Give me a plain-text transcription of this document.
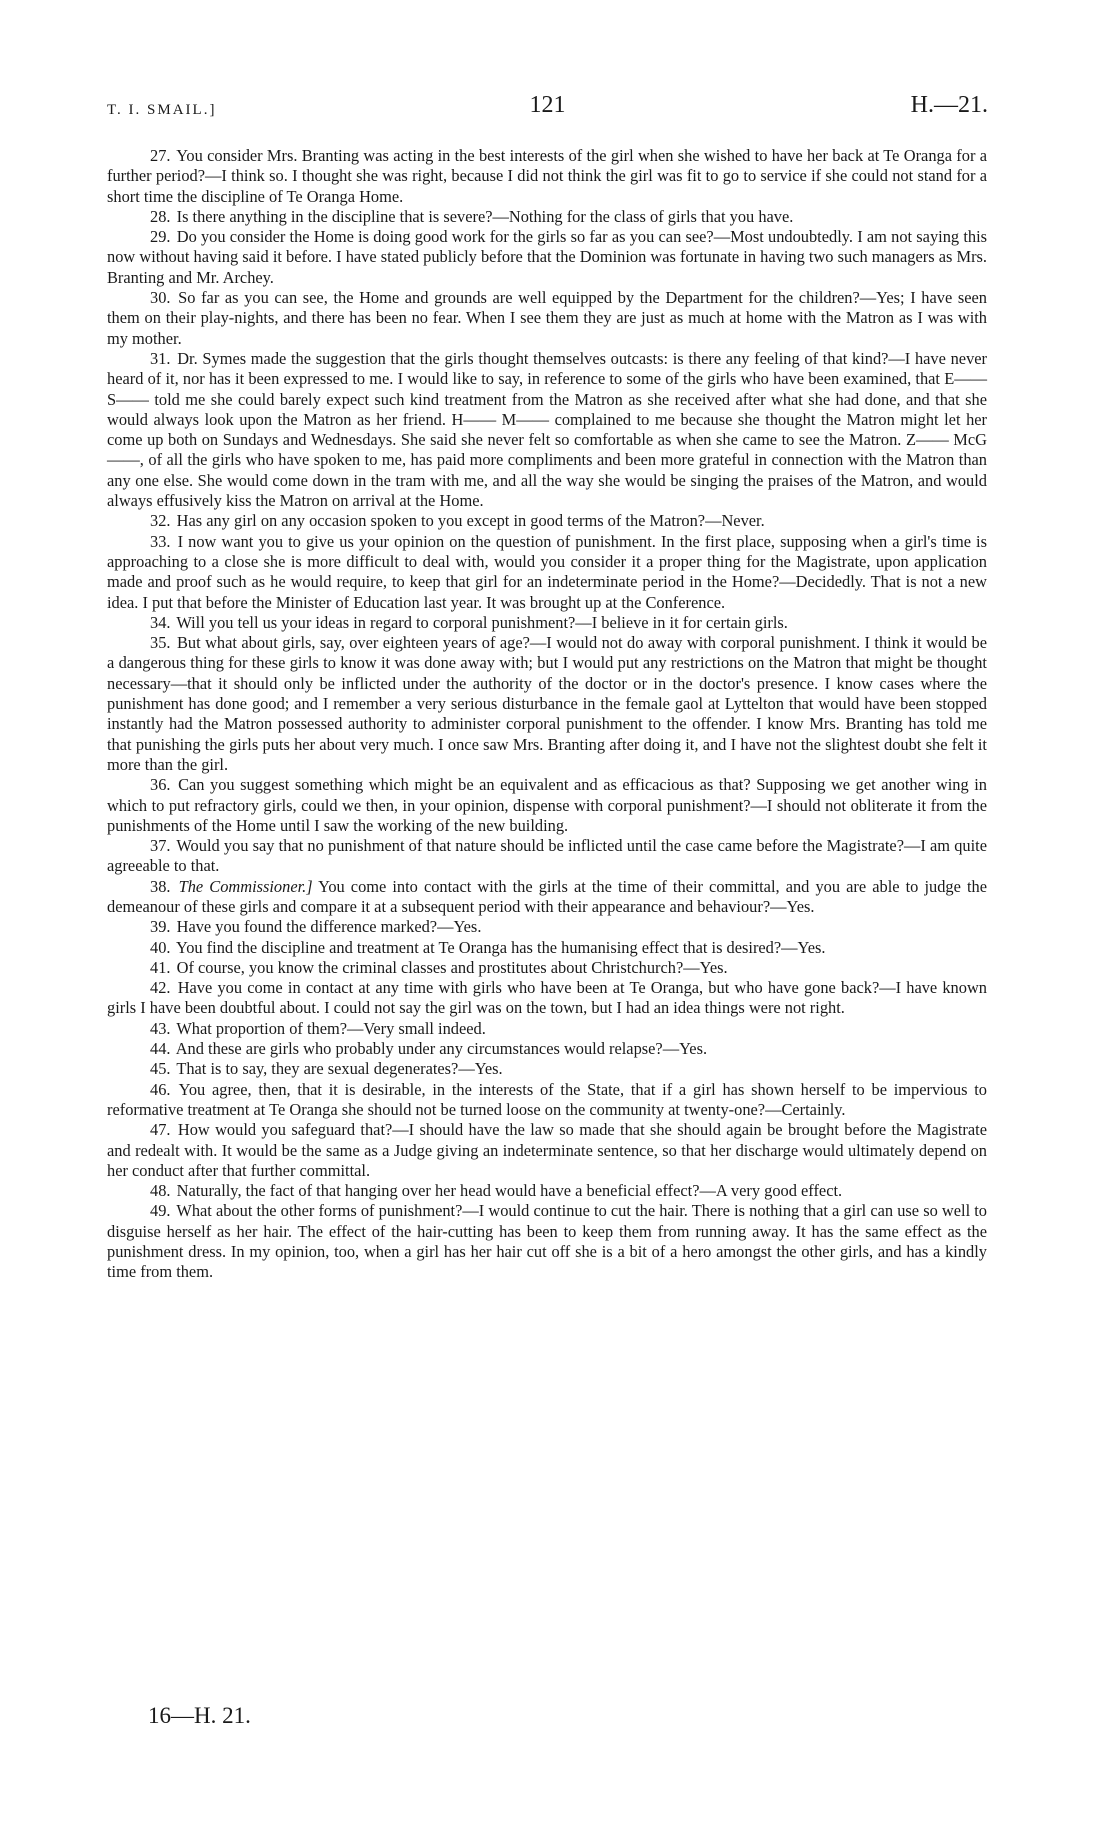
T. I. SMAIL.]	121	H.—21.

27. You consider Mrs. Branting was acting in the best interests of the girl when she wished to have her back at Te Oranga for a further period?—I think so. I thought she was right, because I did not think the girl was fit to go to service if she could not stand for a short time the discipline of Te Oranga Home.

28. Is there anything in the discipline that is severe?—Nothing for the class of girls that you have.

29. Do you consider the Home is doing good work for the girls so far as you can see?—Most undoubtedly. I am not saying this now without having said it before. I have stated publicly before that the Dominion was fortunate in having two such managers as Mrs. Branting and Mr. Archey.

30. So far as you can see, the Home and grounds are well equipped by the Department for the children?—Yes; I have seen them on their play-nights, and there has been no fear. When I see them they are just as much at home with the Matron as I was with my mother.

31. Dr. Symes made the suggestion that the girls thought themselves outcasts: is there any feeling of that kind?—I have never heard of it, nor has it been expressed to me. I would like to say, in reference to some of the girls who have been examined, that E—— S—— told me she could barely expect such kind treatment from the Matron as she received after what she had done, and that she would always look upon the Matron as her friend. H—— M—— complained to me because she thought the Matron might let her come up both on Sundays and Wednesdays. She said she never felt so comfortable as when she came to see the Matron. Z—— McG——, of all the girls who have spoken to me, has paid more compliments and been more grateful in connection with the Matron than any one else. She would come down in the tram with me, and all the way she would be singing the praises of the Matron, and would always effusively kiss the Matron on arrival at the Home.

32. Has any girl on any occasion spoken to you except in good terms of the Matron?—Never.

33. I now want you to give us your opinion on the question of punishment. In the first place, supposing when a girl's time is approaching to a close she is more difficult to deal with, would you consider it a proper thing for the Magistrate, upon application made and proof such as he would require, to keep that girl for an indeterminate period in the Home?—Decidedly. That is not a new idea. I put that before the Minister of Education last year. It was brought up at the Conference.

34. Will you tell us your ideas in regard to corporal punishment?—I believe in it for certain girls.

35. But what about girls, say, over eighteen years of age?—I would not do away with corporal punishment. I think it would be a dangerous thing for these girls to know it was done away with; but I would put any restrictions on the Matron that might be thought necessary—that it should only be inflicted under the authority of the doctor or in the doctor's presence. I know cases where the punishment has done good; and I remember a very serious disturbance in the female gaol at Lyttelton that would have been stopped instantly had the Matron possessed authority to administer corporal punishment to the offender. I know Mrs. Branting has told me that punishing the girls puts her about very much. I once saw Mrs. Branting after doing it, and I have not the slightest doubt she felt it more than the girl.

36. Can you suggest something which might be an equivalent and as efficacious as that? Supposing we get another wing in which to put refractory girls, could we then, in your opinion, dispense with corporal punishment?—I should not obliterate it from the punishments of the Home until I saw the working of the new building.

37. Would you say that no punishment of that nature should be inflicted until the case came before the Magistrate?—I am quite agreeable to that.

38. The Commissioner.] You come into contact with the girls at the time of their committal, and you are able to judge the demeanour of these girls and compare it at a subsequent period with their appearance and behaviour?—Yes.

39. Have you found the difference marked?—Yes.

40. You find the discipline and treatment at Te Oranga has the humanising effect that is desired?—Yes.

41. Of course, you know the criminal classes and prostitutes about Christchurch?—Yes.

42. Have you come in contact at any time with girls who have been at Te Oranga, but who have gone back?—I have known girls I have been doubtful about. I could not say the girl was on the town, but I had an idea things were not right.

43. What proportion of them?—Very small indeed.

44. And these are girls who probably under any circumstances would relapse?—Yes.

45. That is to say, they are sexual degenerates?—Yes.

46. You agree, then, that it is desirable, in the interests of the State, that if a girl has shown herself to be impervious to reformative treatment at Te Oranga she should not be turned loose on the community at twenty-one?—Certainly.

47. How would you safeguard that?—I should have the law so made that she should again be brought before the Magistrate and redealt with. It would be the same as a Judge giving an indeterminate sentence, so that her discharge would ultimately depend on her conduct after that further committal.

48. Naturally, the fact of that hanging over her head would have a beneficial effect?—A very good effect.

49. What about the other forms of punishment?—I would continue to cut the hair. There is nothing that a girl can use so well to disguise herself as her hair. The effect of the hair-cutting has been to keep them from running away. It has the same effect as the punishment dress. In my opinion, too, when a girl has her hair cut off she is a bit of a hero amongst the other girls, and has a kindly time from them.

16—H. 21.
